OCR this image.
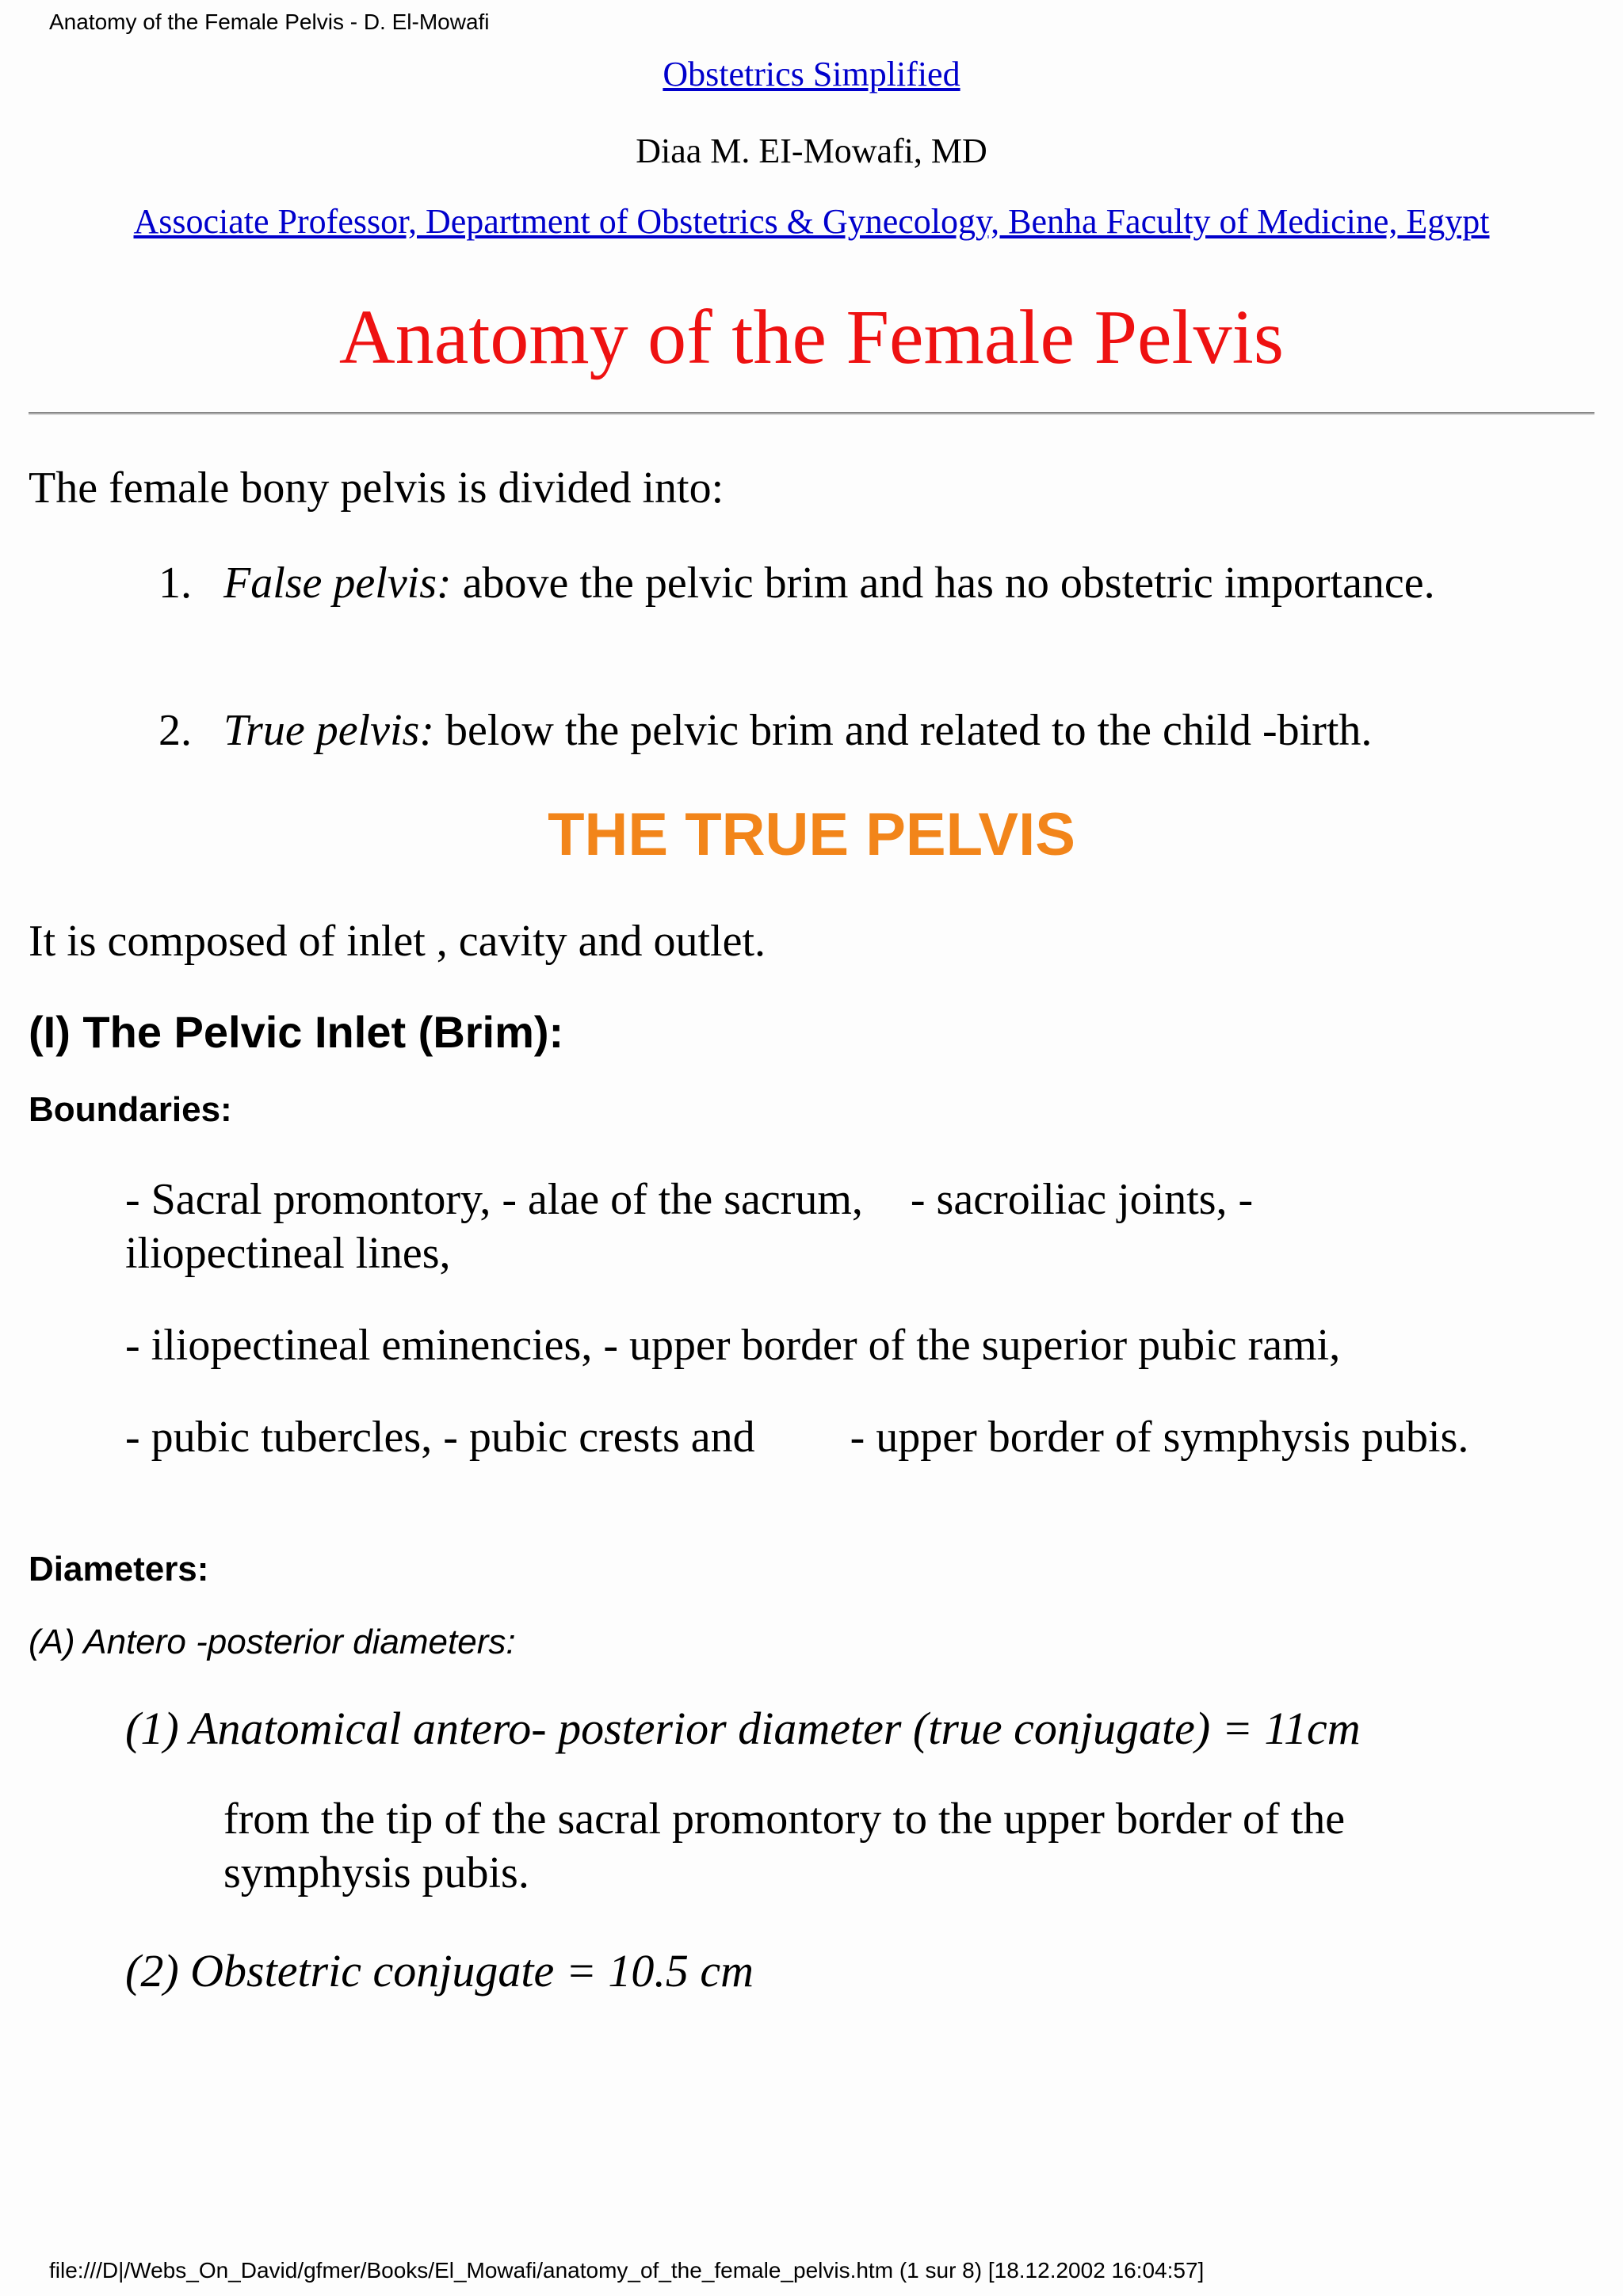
Anatomy of the Female Pelvis - D. El-Mowafi
Obstetrics Simplified
Diaa M. EI-Mowafi, MD
Associate Professor, Department of Obstetrics & Gynecology, Benha Faculty of Medicine, Egypt
Anatomy of the Female Pelvis

The female bony pelvis is divided into:

1. False pelvis: above the pelvic brim and has no obstetric importance.
2. True pelvis: below the pelvic brim and related to the child -birth.
THE TRUE PELVIS

It is composed of inlet , cavity and outlet.

(I) The Pelvic Inlet (Brim):
Boundaries:
- Sacral promontory, - alae of the sacrum, - sacroiliac joints, - iliopectineal lines,
- iliopectineal eminencies, - upper border of the superior pubic rami,
- pubic tubercles, - pubic crests and - upper border of symphysis pubis.
Diameters:
(A) Antero -posterior diameters:
(1) Anatomical antero- posterior diameter (true conjugate) = 11cm
from the tip of the sacral promontory to the upper border of the symphysis pubis.
(2) Obstetric conjugate = 10.5 cm
file:///D|/Webs_On_David/gfmer/Books/El_Mowafi/anatomy_of_the_female_pelvis.htm (1 sur 8) [18.12.2002 16:04:57]
